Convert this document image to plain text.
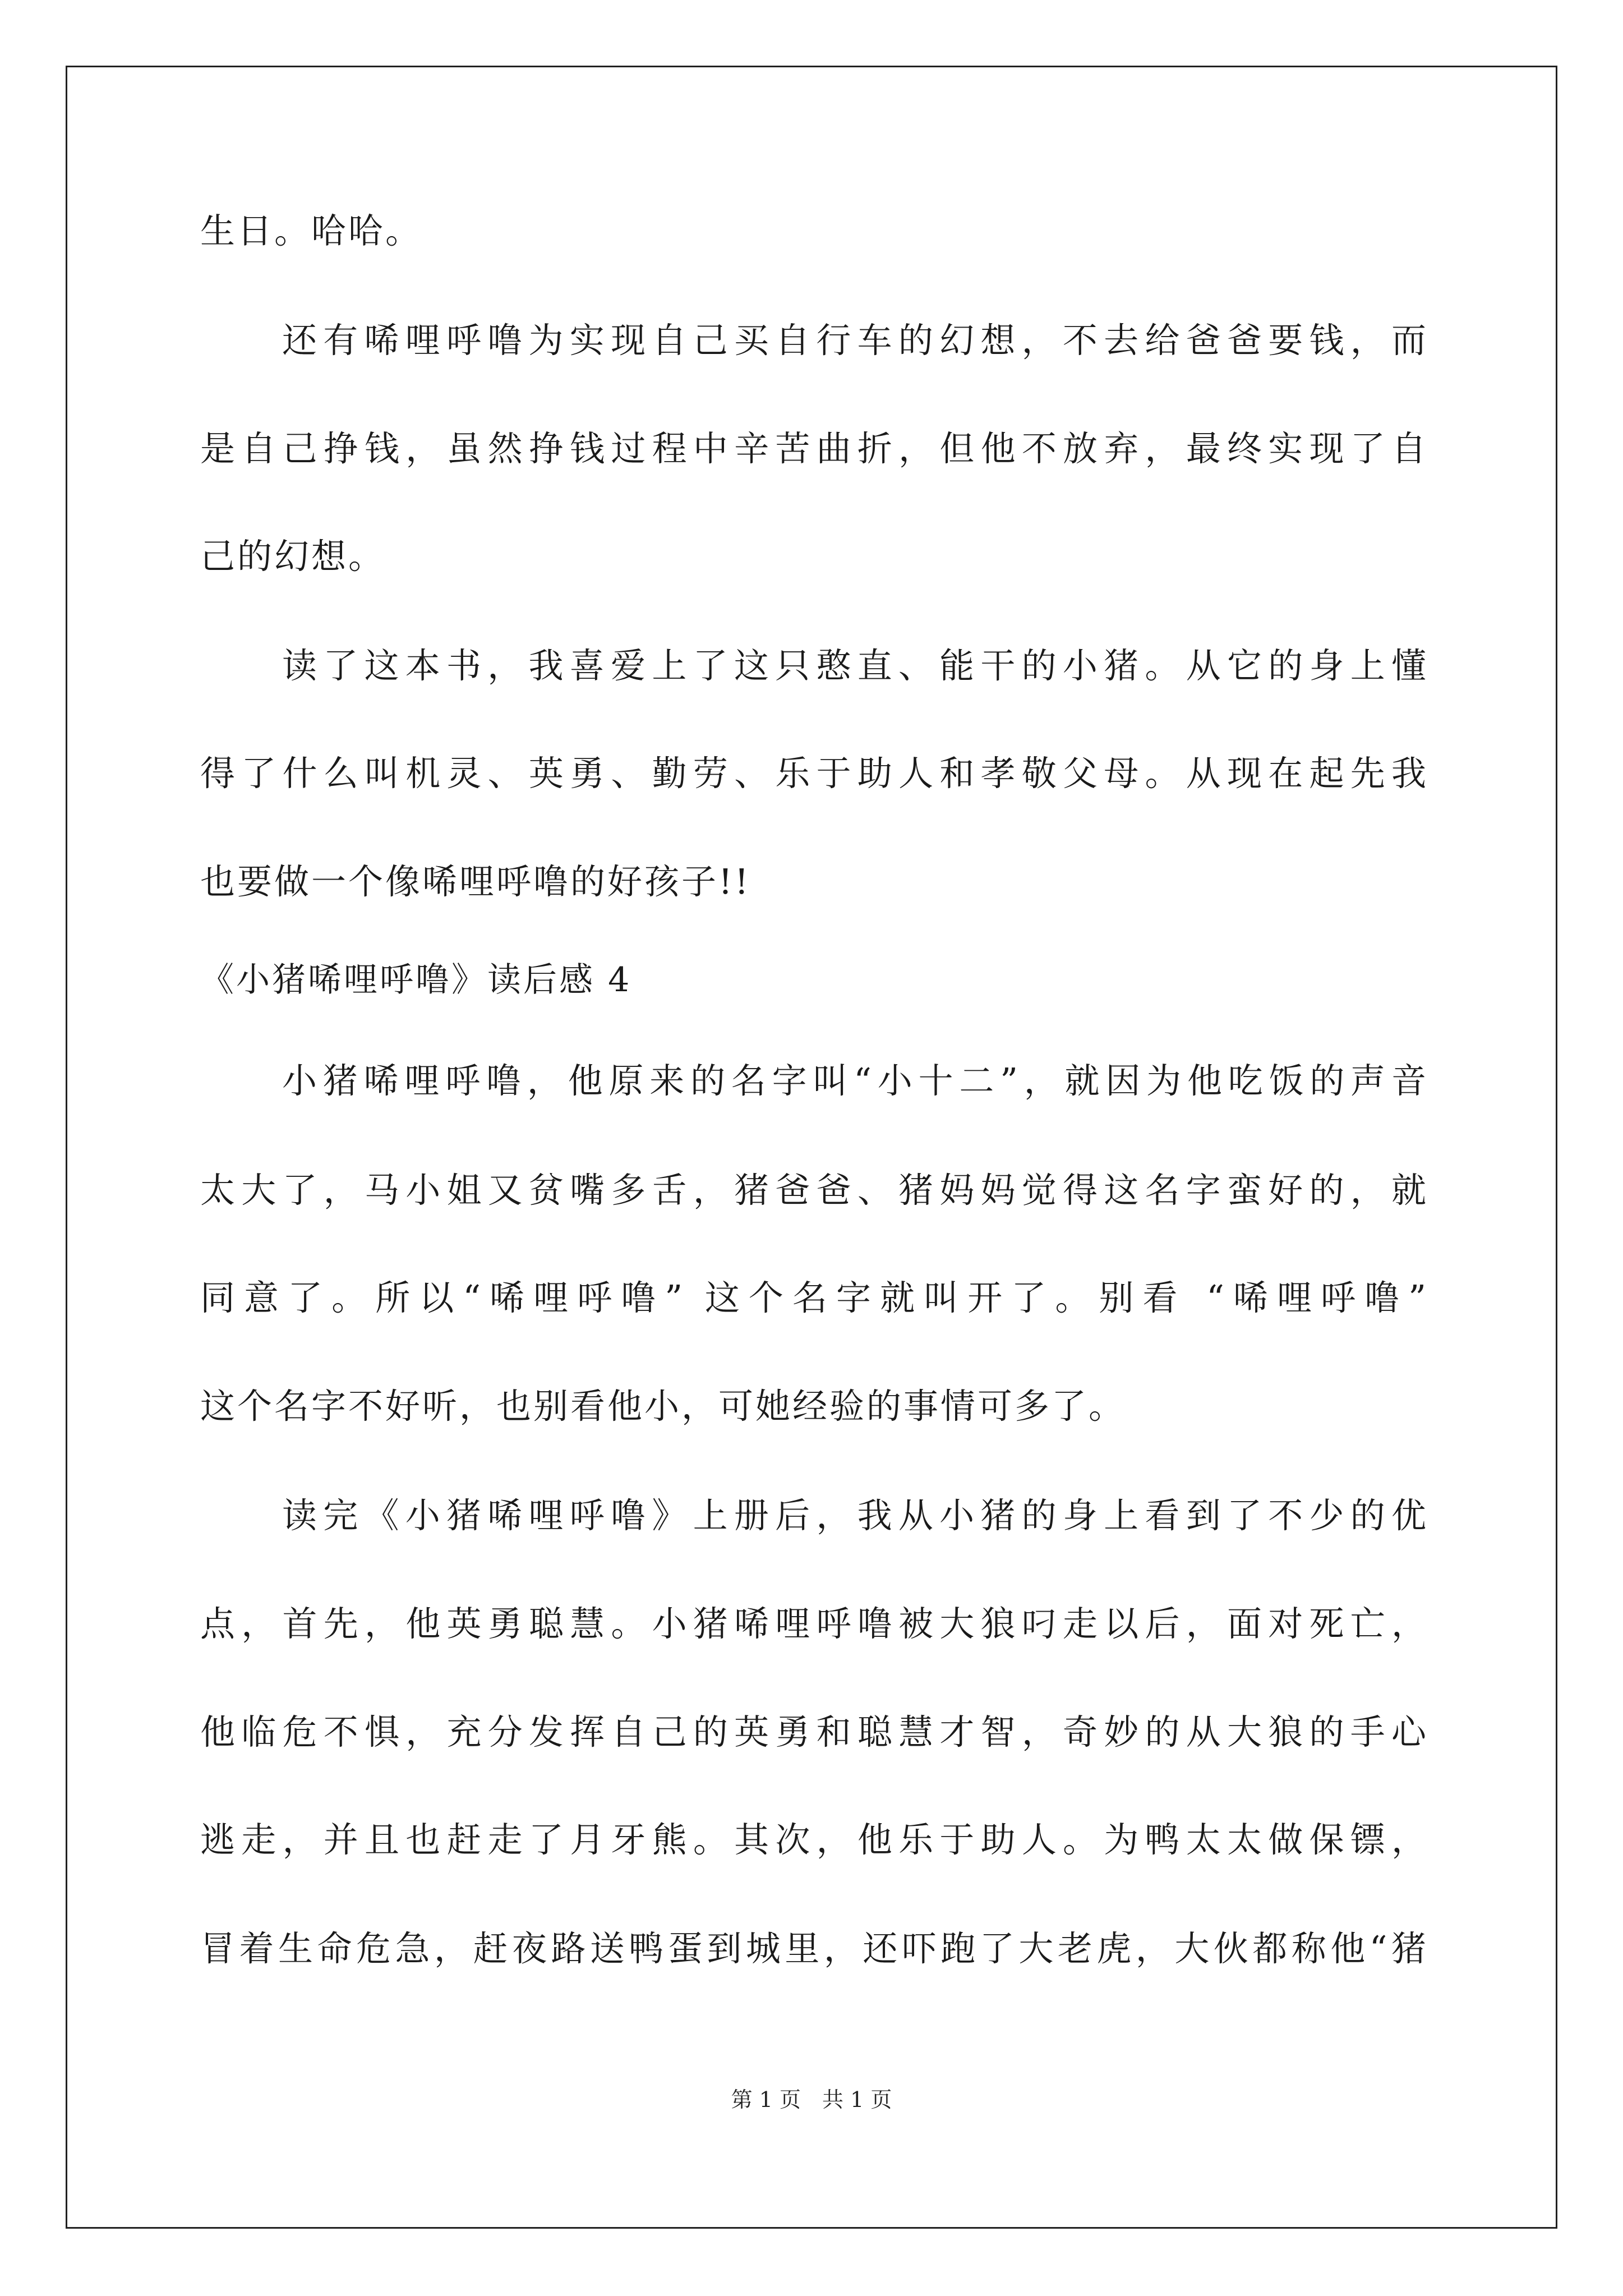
生日。哈哈。
还有唏哩呼噜为实现自己买自行车的幻想，不去给爸爸要钱，而
是自己挣钱，虽然挣钱过程中辛苦曲折，但他不放弃，最终实现了自
己的幻想。
读了这本书，我喜爱上了这只憨直、能干的小猪。从它的身上懂
得了什么叫机灵、英勇、勤劳、乐于助人和孝敬父母。从现在起先我
也要做一个像唏哩呼噜的好孩子!!
《小猪唏哩呼噜》读后感 4
小猪唏哩呼噜，他原来的名字叫“小十二”，就因为他吃饭的声音
太大了，马小姐又贫嘴多舌，猪爸爸、猪妈妈觉得这名字蛮好的，就
同意了。所以“唏哩呼噜” 这个名字就叫开了。别看 “唏哩呼噜”
这个名字不好听，也别看他小，可她经验的事情可多了。
读完《小猪唏哩呼噜》上册后，我从小猪的身上看到了不少的优
点，首先，他英勇聪慧。小猪唏哩呼噜被大狼叼走以后，面对死亡，
他临危不惧，充分发挥自己的英勇和聪慧才智，奇妙的从大狼的手心
逃走，并且也赶走了月牙熊。其次，他乐于助人。为鸭太太做保镖，
冒着生命危急，赶夜路送鸭蛋到城里，还吓跑了大老虎，大伙都称他“猪
第 1 页　共 1 页
